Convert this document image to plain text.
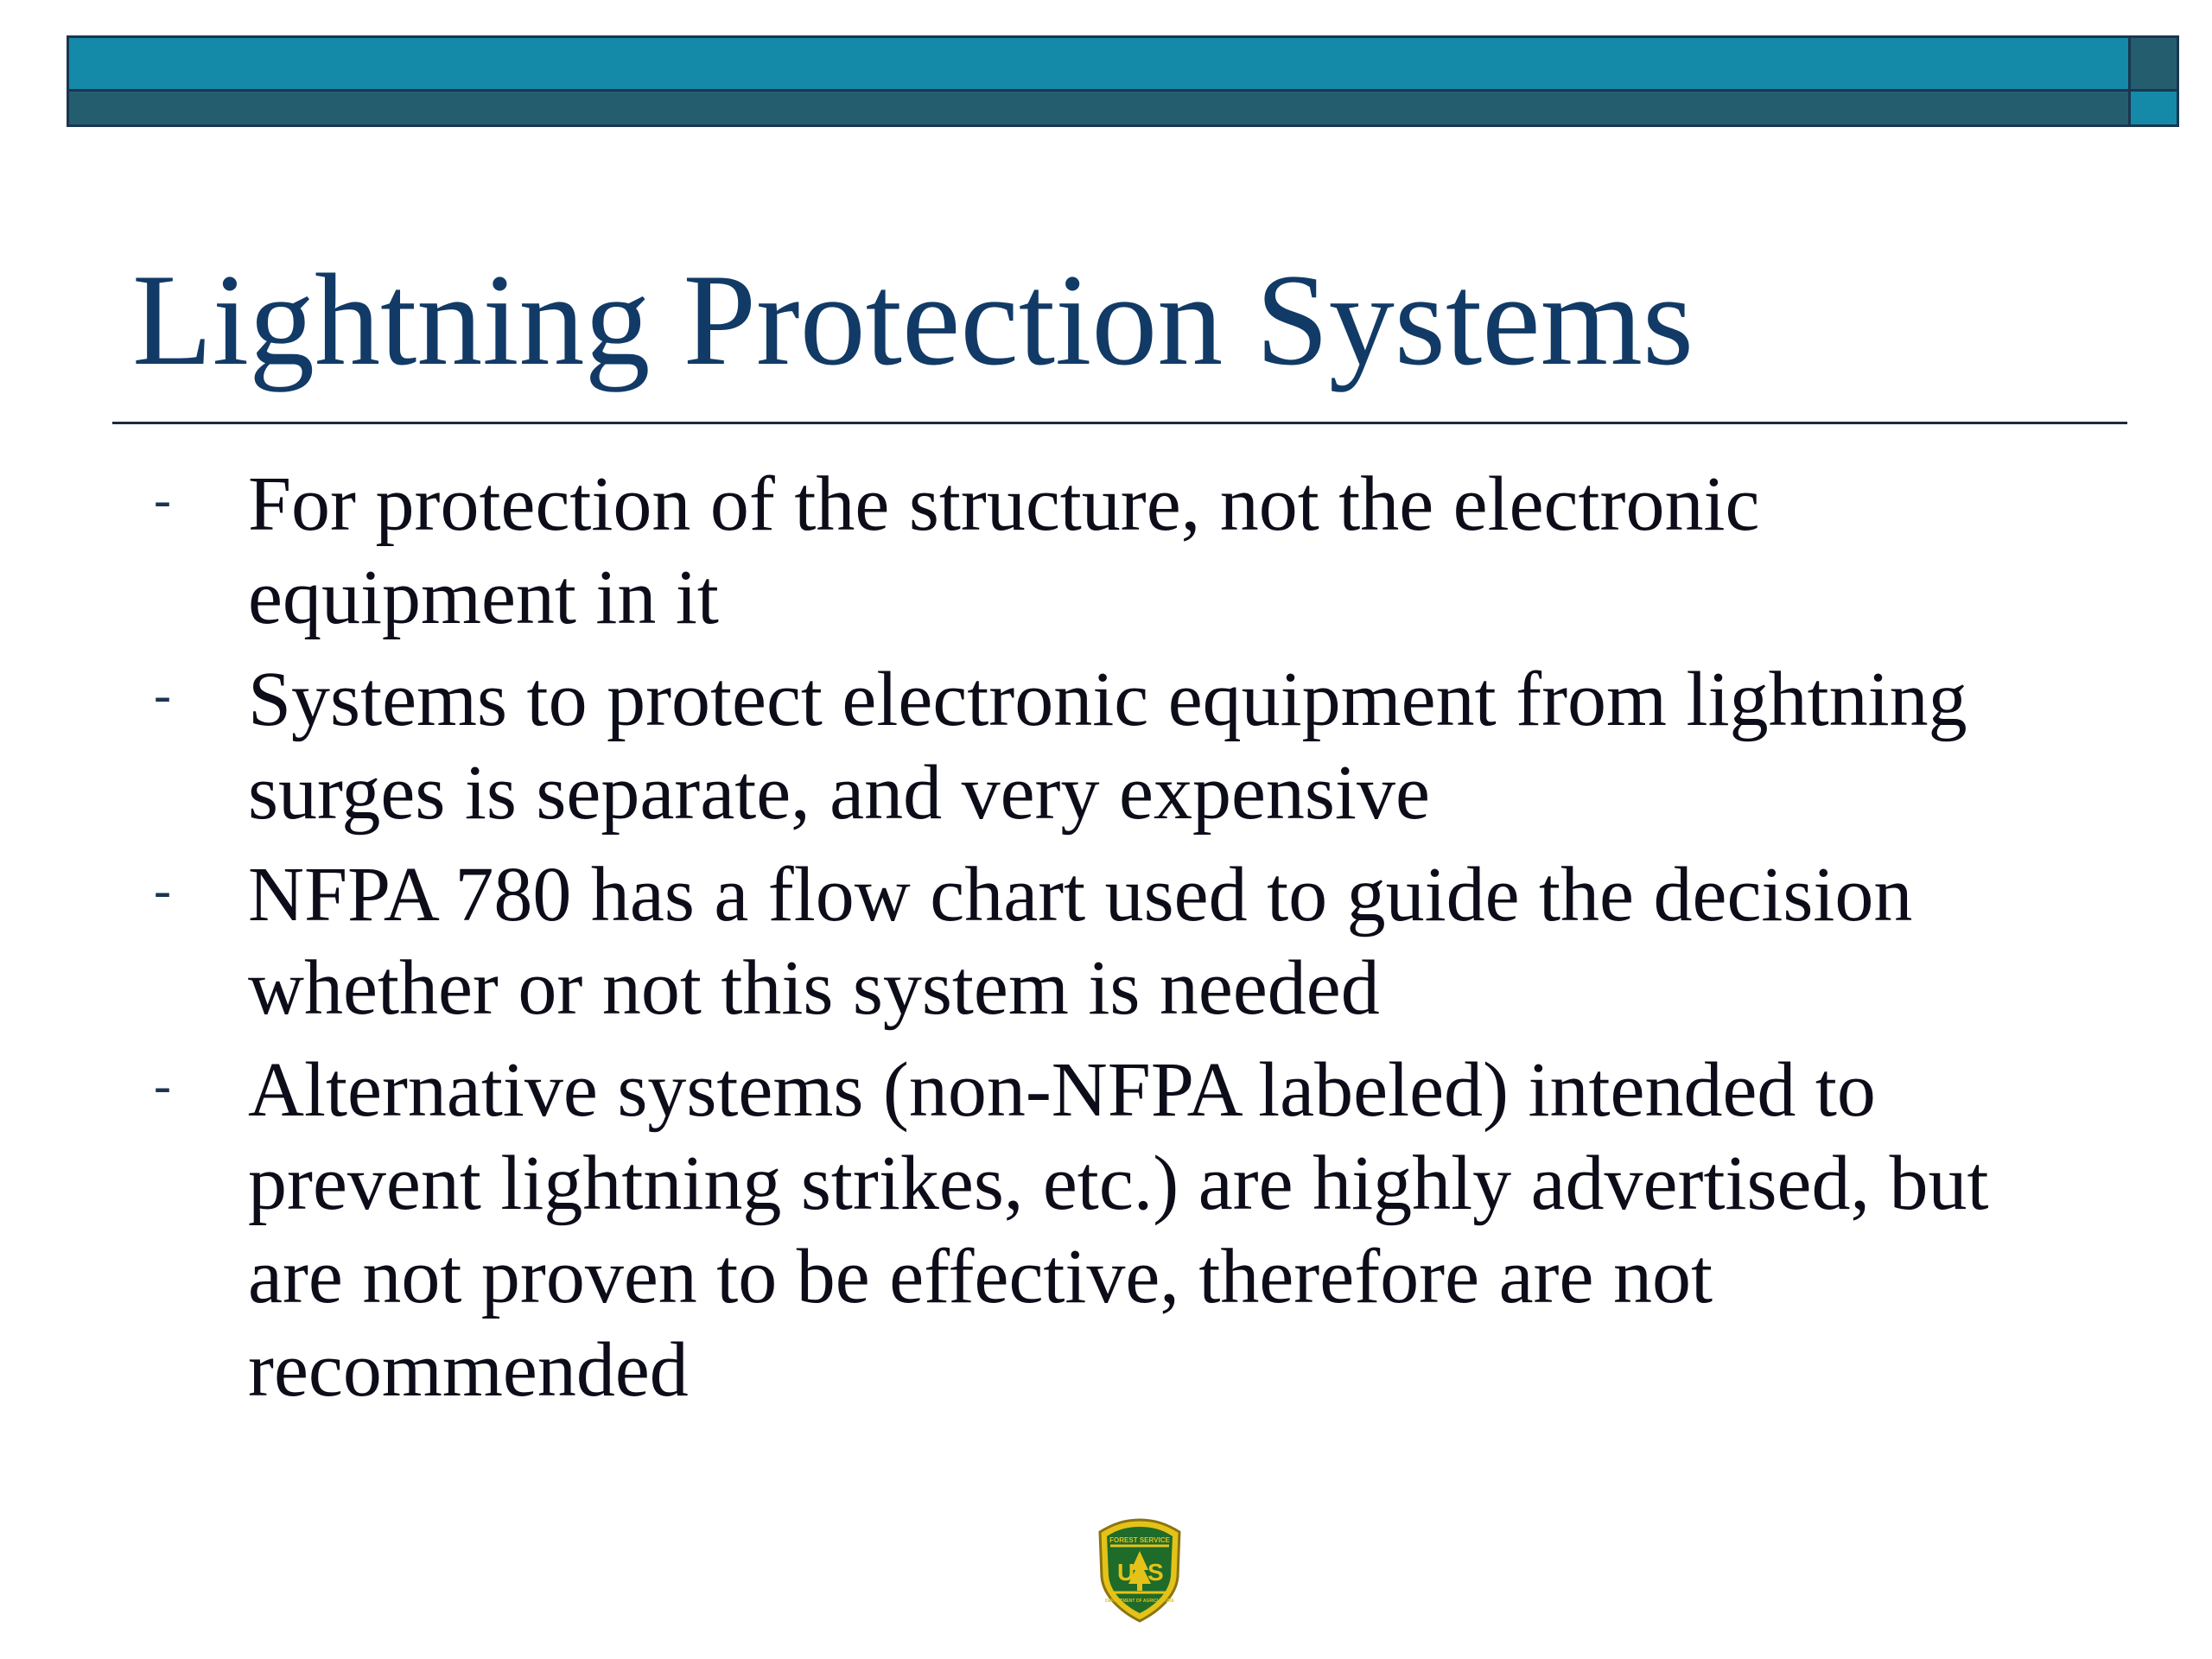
Lightning Protection Systems
- For protection of the structure, not the electronic equipment in it
- Systems to protect electronic equipment from lightning surges is separate, and very expensive
- NFPA 780 has a flow chart used to guide the decision whether or not this system is needed
- Alternative systems (non-NFPA labeled) intended to prevent lightning strikes, etc.) are highly advertised, but are not proven to be effective, therefore are not recommended
U S
FOREST SERVICE
DEPARTMENT OF AGRICULTURE
